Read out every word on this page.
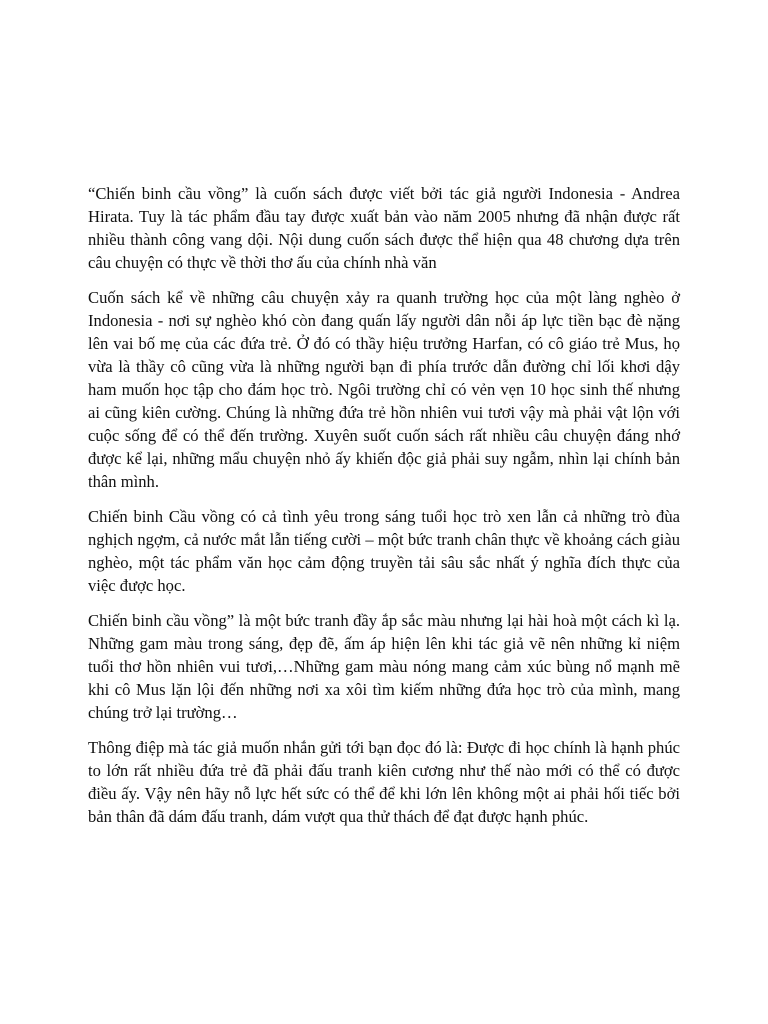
“Chiến binh cầu vồng” là cuốn sách được viết bởi tác giả người Indonesia - Andrea Hirata. Tuy là tác phẩm đầu tay được xuất bản vào năm 2005 nhưng đã nhận được rất nhiều thành công vang dội. Nội dung cuốn sách được thể hiện qua 48 chương dựa trên câu chuyện có thực về thời thơ ấu của chính nhà văn

Cuốn sách kể về những câu chuyện xảy ra quanh trường học của một làng nghèo ở Indonesia - nơi sự nghèo khó còn đang quấn lấy người dân nỗi áp lực tiền bạc đè nặng lên vai bố mẹ của các đứa trẻ. Ở đó có thầy hiệu trưởng Harfan, có cô giáo trẻ Mus, họ vừa là thầy cô cũng vừa là những người bạn đi phía trước dẫn đường chỉ lối khơi dậy ham muốn học tập cho đám học trò. Ngôi trường chỉ có vẻn vẹn 10 học sinh thế nhưng ai cũng kiên cường. Chúng là những đứa trẻ hồn nhiên vui tươi vậy mà phải vật lộn với cuộc sống để có thể đến trường. Xuyên suốt cuốn sách rất nhiều câu chuyện đáng nhớ được kể lại, những mẩu chuyện nhỏ ấy khiến độc giả phải suy ngẫm, nhìn lại chính bản thân mình.

Chiến binh Cầu vồng có cả tình yêu trong sáng tuổi học trò xen lẫn cả những trò đùa nghịch ngợm, cả nước mắt lẫn tiếng cười – một bức tranh chân thực về khoảng cách giàu nghèo, một tác phẩm văn học cảm động truyền tải sâu sắc nhất ý nghĩa đích thực của việc được học.

Chiến binh cầu vồng” là một bức tranh đầy ắp sắc màu nhưng lại hài hoà một cách kì lạ. Những gam màu trong sáng, đẹp đẽ, ấm áp hiện lên khi tác giả vẽ nên những kỉ niệm tuổi thơ hồn nhiên vui tươi,…Những gam màu nóng mang cảm xúc bùng nổ mạnh mẽ khi cô Mus lặn lội đến những nơi xa xôi tìm kiếm những đứa học trò của mình, mang chúng trở lại trường…

Thông điệp mà tác giả muốn nhắn gửi tới bạn đọc đó là: Được đi học chính là hạnh phúc to lớn rất nhiều đứa trẻ đã phải đấu tranh kiên cương như thế nào mới có thể có được điều ấy. Vậy nên hãy nỗ lực hết sức có thể để khi lớn lên không một ai phải hối tiếc bởi bản thân đã dám đấu tranh, dám vượt qua thử thách để đạt được hạnh phúc.
